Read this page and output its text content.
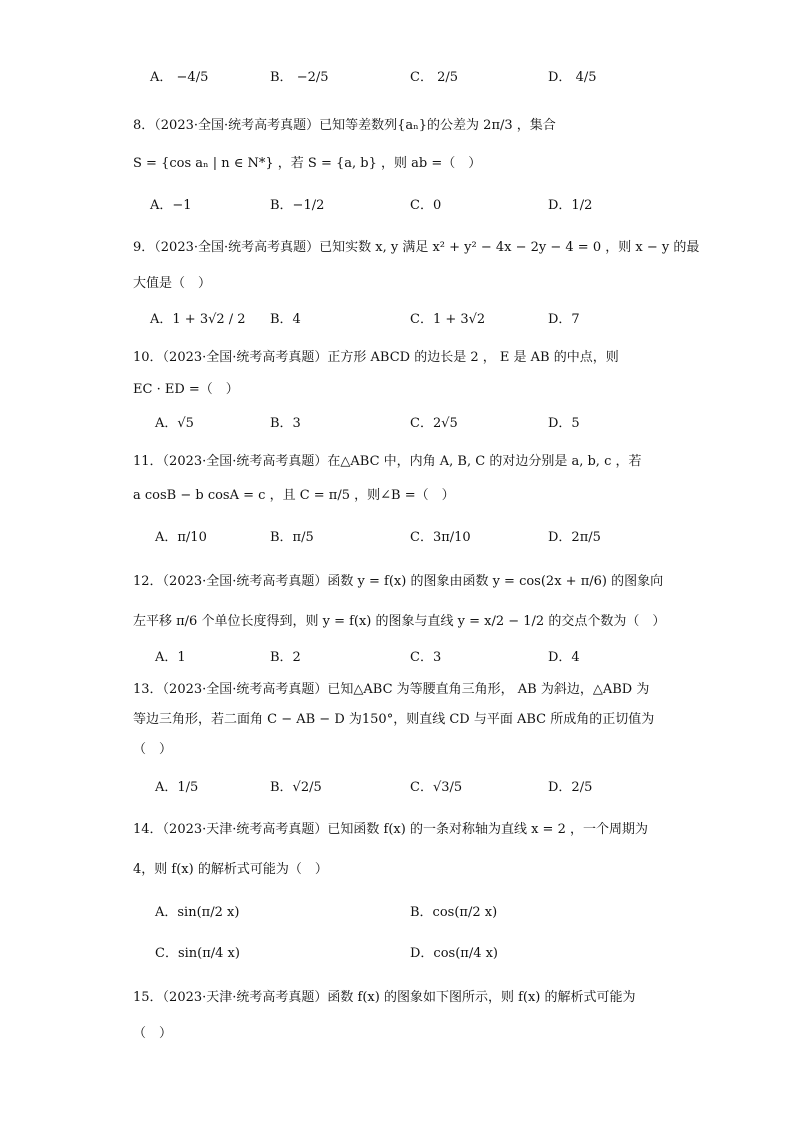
A． −4/5	B． −2/5	C． 2/5	D． 4/5
8．（2023·全国·统考高考真题）已知等差数列{aₙ}的公差为 2π/3 ，集合
S = {cos aₙ | n ∈ N*} ，若 S = {a, b} ，则 ab =（　）
A．−1	B．−1/2	C．0	D．1/2
9．（2023·全国·统考高考真题）已知实数 x, y 满足 x² + y² − 4x − 2y − 4 = 0 ，则 x − y 的最
大值是（　）
A．1 + 3√2 / 2 B．4	C．1 + 3√2	D．7
10．（2023·全国·统考高考真题）正方形 ABCD 的边长是 2 ， E 是 AB 的中点，则
EC · ED =（　）
A．√5	B．3	C．2√5	D．5
11．（2023·全国·统考高考真题）在△ABC 中，内角 A, B, C 的对边分别是 a, b, c ，若
a cosB − b cosA = c ，且 C = π/5 ，则∠B =（　）
A．π/10	B．π/5	C．3π/10	D．2π/5
12．（2023·全国·统考高考真题）函数 y = f(x) 的图象由函数 y = cos(2x + π/6) 的图象向
左平移 π/6 个单位长度得到，则 y = f(x) 的图象与直线 y = x/2 − 1/2 的交点个数为（　）
A．1	B．2	C．3	D．4
13．（2023·全国·统考高考真题）已知△ABC 为等腰直角三角形， AB 为斜边，△ABD 为
等边三角形，若二面角 C − AB − D 为150°，则直线 CD 与平面 ABC 所成角的正切值为
（　）
A．1/5	B．√2/5	C．√3/5	D．2/5
14．（2023·天津·统考高考真题）已知函数 f(x) 的一条对称轴为直线 x = 2 ，一个周期为
4，则 f(x) 的解析式可能为（　）
A．sin(π/2 x)	B．cos(π/2 x)
C．sin(π/4 x)	D．cos(π/4 x)
15．（2023·天津·统考高考真题）函数 f(x) 的图象如下图所示，则 f(x) 的解析式可能为
（　）
